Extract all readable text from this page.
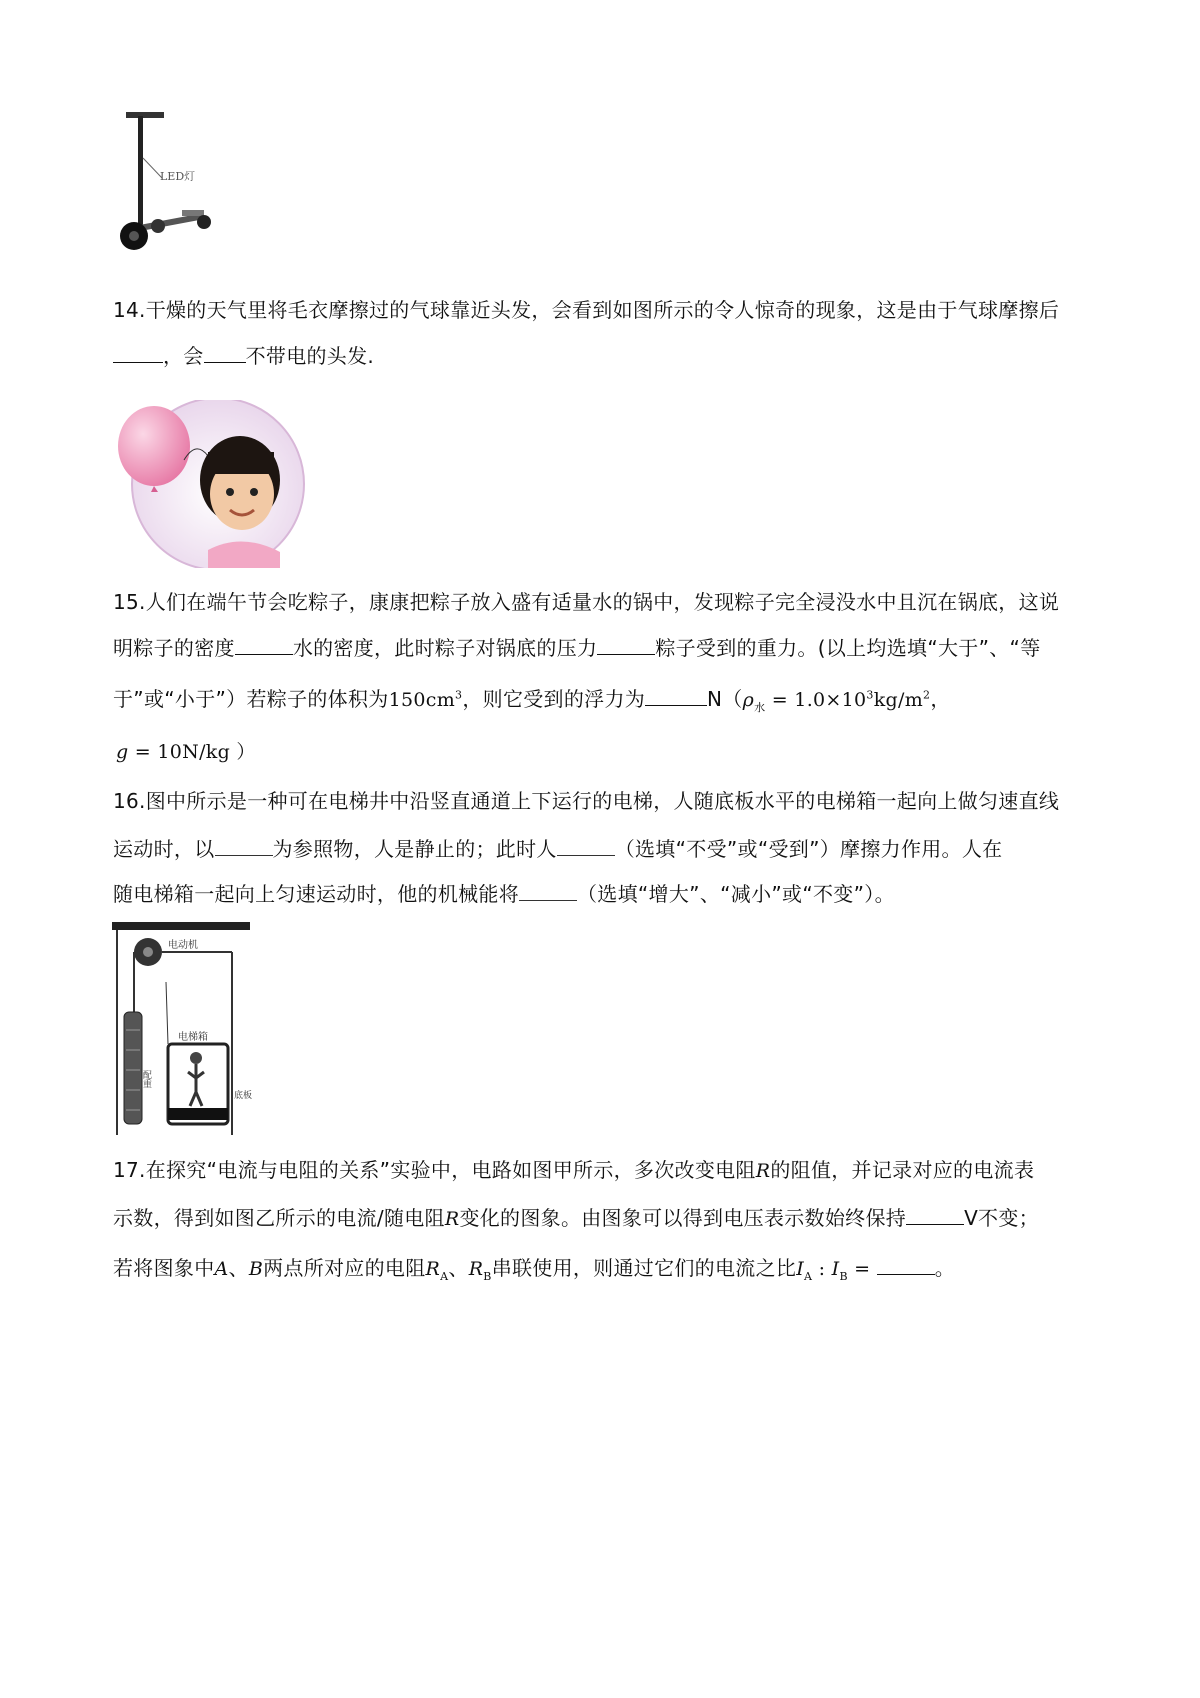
LED灯
14.干燥的天气里将毛衣摩擦过的气球靠近头发，会看到如图所示的令人惊奇的现象，这是由于气球摩擦后
，会 不带电的头发.
15.人们在端午节会吃粽子，康康把粽子放入盛有适量水的锅中，发现粽子完全浸没水中且沉在锅底，这说
明粽子的密度	水的密度，此时粽子对锅底的压力	粽子受到的重力。(以上均选填“大于”、“等
于”或“小于”）若粽子的体积为$150cm^3$，则它受到的浮力为	$N(\rho_水 = 1.0\times 10^3kg/m^2$，
g = 10N/kg ）
16.图中所示是一种可在电梯井中沿竖直通道上下运行的电梯，人随底板水平的电梯箱一起向上做匀速直线
运动时，以	为参照物，人是静止的；此时人	（选填“不受”或“受到”）摩擦力作用。人在
随电梯箱一起向上匀速运动时，他的机械能将	（选填“增大”、“减小”或“不变”）。
电动机
电梯箱
配重
底板
17.在探究“电流与电阻的关系”实验中，电路如图甲所示，多次改变电阻R的阻值，并记录对应的电流表
示数，得到如图乙所示的电流/随电阻R变化的图象。由图象可以得到电压表示数始终保持	V不变；
若将图象中A、B两点所对应的电阻$R_A$、$R_B$串联使用，则通过它们的电流之比$I_A$ : $I_B$ =	。
